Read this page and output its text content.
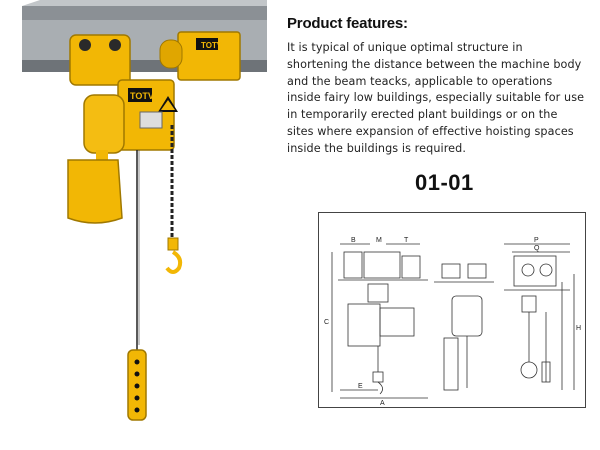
TOTV
TOTV
Product features:
It is typical of unique optimal structure in shortening the distance between the machine body and the beam teacks, applicable to operations inside fairy low buildings, especially suitable for use in temporarily erected plant buildings or on the sites where expansion of effective hoisting spaces inside the buildings is required.
01-01
B	M	T	P
Q
C
H
A
E
